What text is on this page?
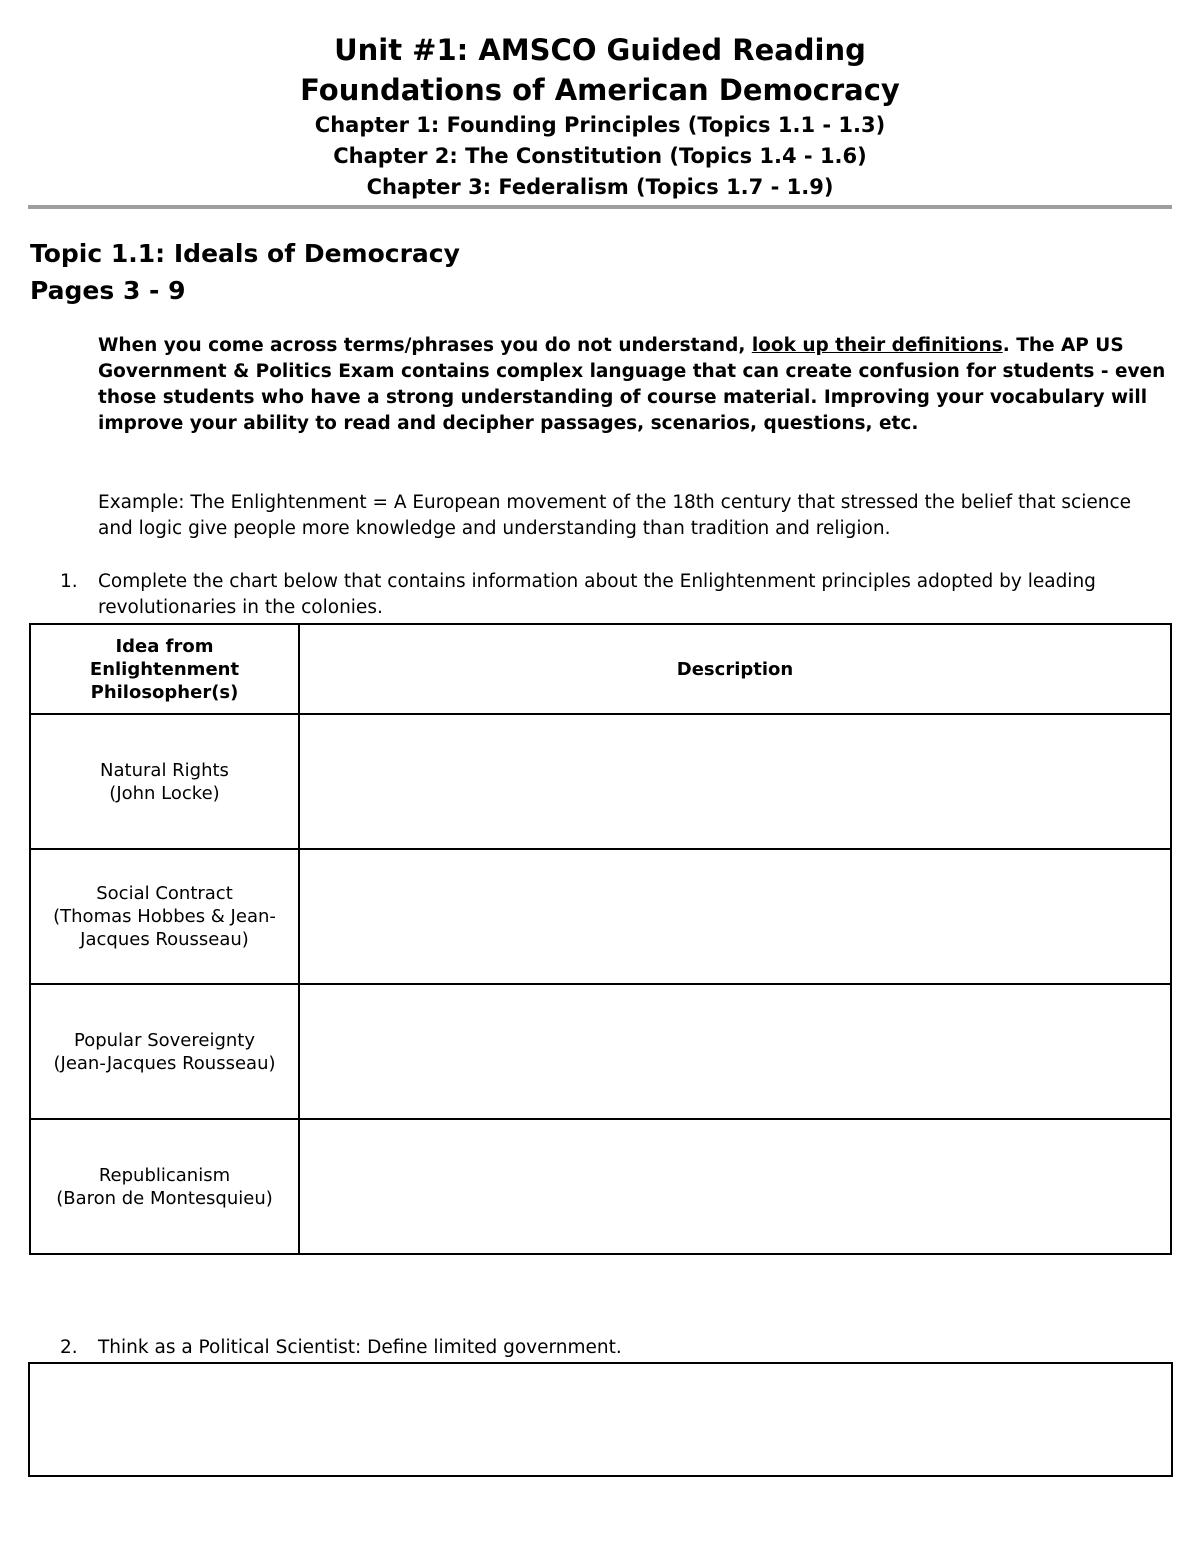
Unit #1: AMSCO Guided Reading
Foundations of American Democracy
Chapter 1: Founding Principles (Topics 1.1 - 1.3)
Chapter 2: The Constitution (Topics 1.4 - 1.6)
Chapter 3: Federalism (Topics 1.7 - 1.9)
Topic 1.1: Ideals of Democracy
Pages 3 - 9
When you come across terms/phrases you do not understand, look up their definitions. The AP US Government & Politics Exam contains complex language that can create confusion for students - even those students who have a strong understanding of course material. Improving your vocabulary will improve your ability to read and decipher passages, scenarios, questions, etc.
Example: The Enlightenment = A European movement of the 18th century that stressed the belief that science and logic give people more knowledge and understanding than tradition and religion.
1.	Complete the chart below that contains information about the Enlightenment principles adopted by leading revolutionaries in the colonies.
Idea from Enlightenment Philosopher(s)	Description

Natural Rights
(John Locke)	

Social Contract
(Thomas Hobbes & Jean-Jacques Rousseau)	

Popular Sovereignty
(Jean-Jacques Rousseau)	

Republicanism
(Baron de Montesquieu)	

2.	Think as a Political Scientist: Define limited government.
